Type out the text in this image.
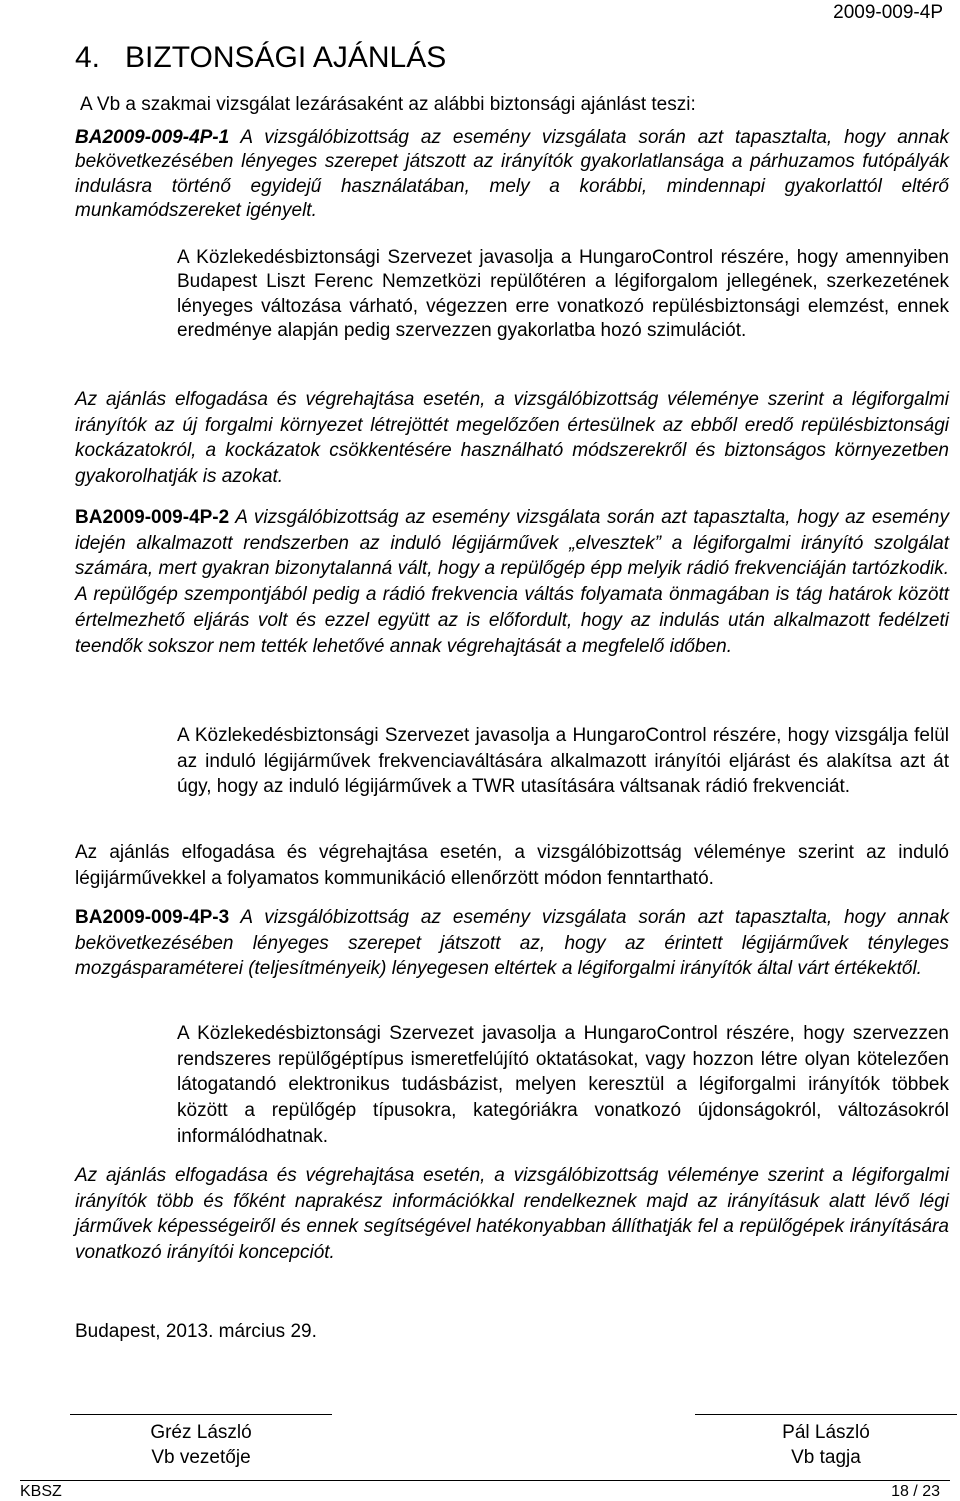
2009-009-4P
4. BIZTONSÁGI AJÁNLÁS
A Vb a szakmai vizsgálat lezárásaként az alábbi biztonsági ajánlást teszi:

BA2009-009-4P-1 A vizsgálóbizottság az esemény vizsgálata során azt tapasztalta, hogy annak bekövetkezésében lényeges szerepet játszott az irányítók gyakorlatlansága a párhuzamos futópályák indulásra történő egyidejű használatában, mely a korábbi, mindennapi gyakorlattól eltérő munkamódszereket igényelt.

A Közlekedésbiztonsági Szervezet javasolja a HungaroControl részére, hogy amennyiben Budapest Liszt Ferenc Nemzetközi repülőtéren a légiforgalom jellegének, szerkezetének lényeges változása várható, végezzen erre vonatkozó repülésbiztonsági elemzést, ennek eredménye alapján pedig szervezzen gyakorlatba hozó szimulációt.

Az ajánlás elfogadása és végrehajtása esetén, a vizsgálóbizottság véleménye szerint a légiforgalmi irányítók az új forgalmi környezet létrejöttét megelőzően értesülnek az ebből eredő repülésbiztonsági kockázatokról, a kockázatok csökkentésére használható módszerekről és biztonságos környezetben gyakorolhatják is azokat.

BA2009-009-4P-2 A vizsgálóbizottság az esemény vizsgálata során azt tapasztalta, hogy az esemény idején alkalmazott rendszerben az induló légijárművek „elvesztek” a légiforgalmi irányító szolgálat számára, mert gyakran bizonytalanná vált, hogy a repülőgép épp melyik rádió frekvenciáján tartózkodik. A repülőgép szempontjából pedig a rádió frekvencia váltás folyamata önmagában is tág határok között értelmezhető eljárás volt és ezzel együtt az is előfordult, hogy az indulás után alkalmazott fedélzeti teendők sokszor nem tették lehetővé annak végrehajtását a megfelelő időben.

A Közlekedésbiztonsági Szervezet javasolja a HungaroControl részére, hogy vizsgálja felül az induló légijárművek frekvenciaváltására alkalmazott irányítói eljárást és alakítsa azt át úgy, hogy az induló légijárművek a TWR utasítására váltsanak rádió frekvenciát.

Az ajánlás elfogadása és végrehajtása esetén, a vizsgálóbizottság véleménye szerint az induló légijárművekkel a folyamatos kommunikáció ellenőrzött módon fenntartható.

BA2009-009-4P-3 A vizsgálóbizottság az esemény vizsgálata során azt tapasztalta, hogy annak bekövetkezésében lényeges szerepet játszott az, hogy az érintett légijárművek tényleges mozgásparaméterei (teljesítményeik) lényegesen eltértek a légiforgalmi irányítók által várt értékektől.

A Közlekedésbiztonsági Szervezet javasolja a HungaroControl részére, hogy szervezzen rendszeres repülőgéptípus ismeretfelújító oktatásokat, vagy hozzon létre olyan kötelezően látogatandó elektronikus tudásbázist, melyen keresztül a légiforgalmi irányítók többek között a repülőgép típusokra, kategóriákra vonatkozó újdonságokról, változásokról informálódhatnak.

Az ajánlás elfogadása és végrehajtása esetén, a vizsgálóbizottság véleménye szerint a légiforgalmi irányítók több és főként naprakész információkkal rendelkeznek majd az irányításuk alatt lévő légi járművek képességeiről és ennek segítségével hatékonyabban állíthatják fel a repülőgépek irányítására vonatkozó irányítói koncepciót.

Budapest, 2013. március 29.
Gréz László
Vb vezetője
Pál László
Vb tagja
KBSZ	18 / 23
